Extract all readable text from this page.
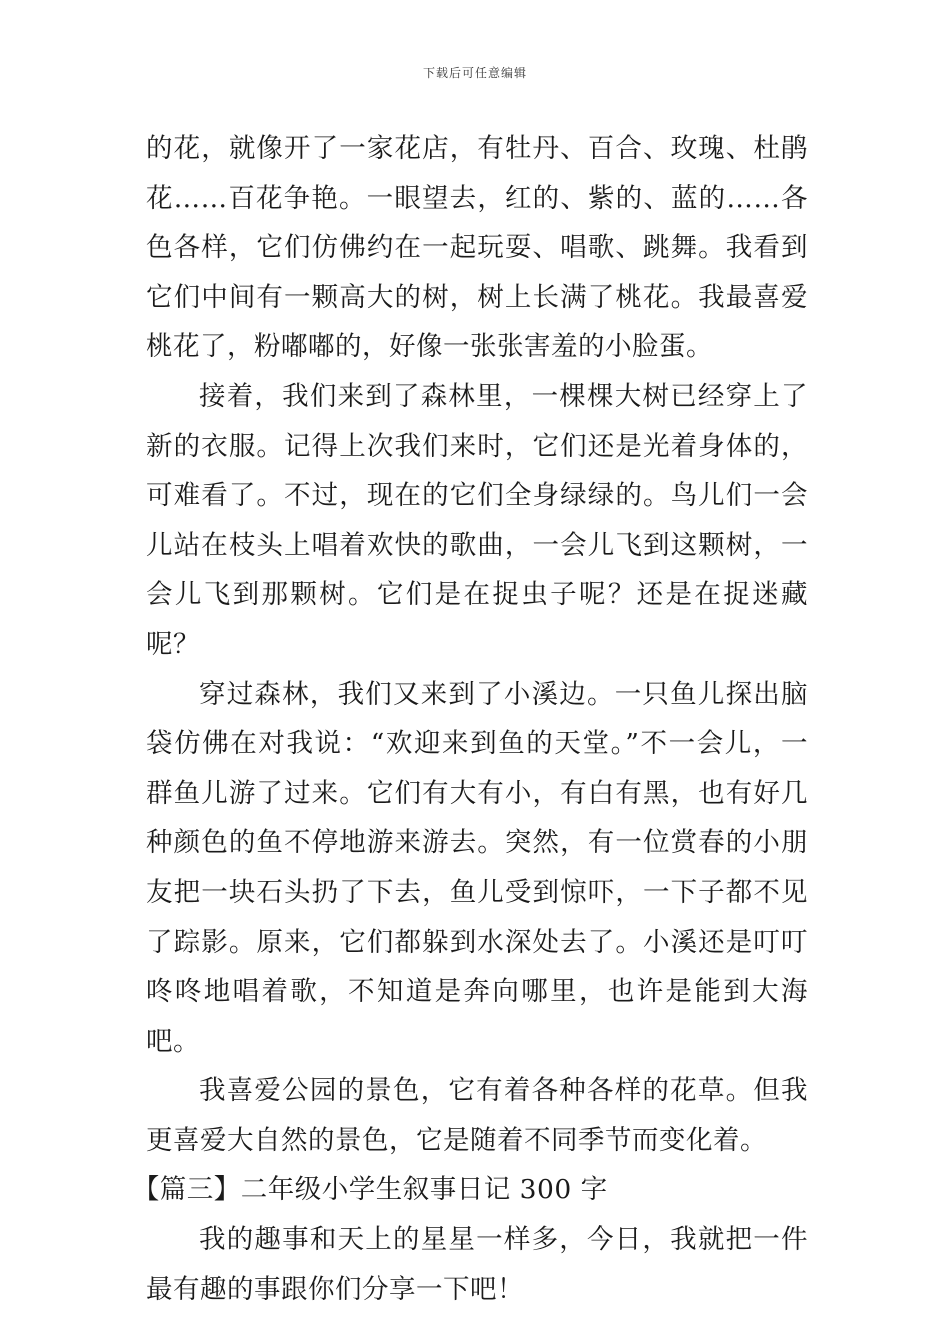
下载后可任意编辑

的花，就像开了一家花店，有牡丹、百合、玫瑰、杜鹃花……百花争艳。一眼望去，红的、紫的、蓝的……各色各样，它们仿佛约在一起玩耍、唱歌、跳舞。我看到它们中间有一颗高大的树，树上长满了桃花。我最喜爱桃花了，粉嘟嘟的，好像一张张害羞的小脸蛋。

接着，我们来到了森林里，一棵棵大树已经穿上了新的衣服。记得上次我们来时，它们还是光着身体的，可难看了。不过，现在的它们全身绿绿的。鸟儿们一会儿站在枝头上唱着欢快的歌曲，一会儿飞到这颗树，一会儿飞到那颗树。它们是在捉虫子呢？还是在捉迷藏呢？

穿过森林，我们又来到了小溪边。一只鱼儿探出脑袋仿佛在对我说：“欢迎来到鱼的天堂。”不一会儿，一群鱼儿游了过来。它们有大有小，有白有黑，也有好几种颜色的鱼不停地游来游去。突然，有一位赏春的小朋友把一块石头扔了下去，鱼儿受到惊吓，一下子都不见了踪影。原来，它们都躲到水深处去了。小溪还是叮叮咚咚地唱着歌，不知道是奔向哪里，也许是能到大海吧。

我喜爱公园的景色，它有着各种各样的花草。但我更喜爱大自然的景色，它是随着不同季节而变化着。

【篇三】二年级小学生叙事日记 300 字

我的趣事和天上的星星一样多，今日，我就把一件最有趣的事跟你们分享一下吧！
